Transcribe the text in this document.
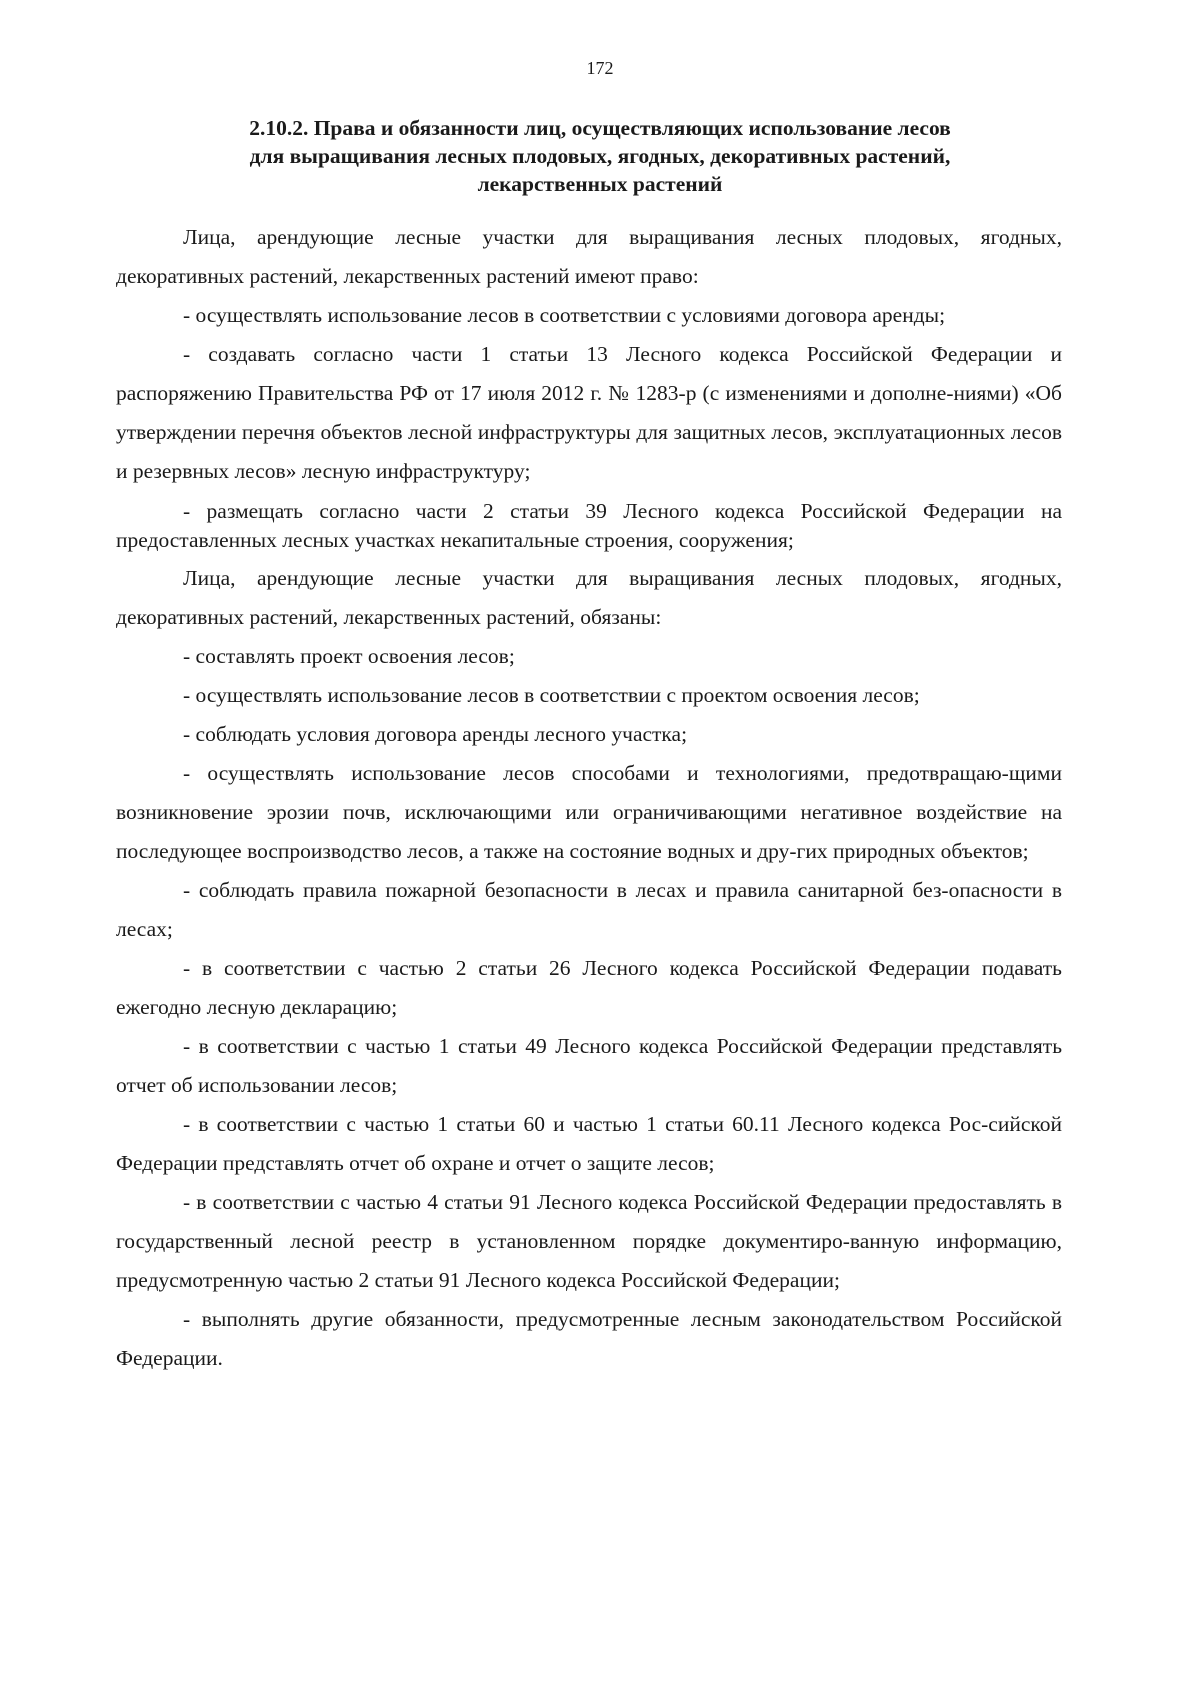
172
2.10.2. Права и обязанности лиц, осуществляющих использование лесов
для выращивания лесных плодовых, ягодных, декоративных растений,
лекарственных растений

Лица, арендующие лесные участки для выращивания лесных плодовых, ягодных, декоративных растений, лекарственных растений имеют право:

- осуществлять использование лесов в соответствии с условиями договора аренды;

- создавать согласно части 1 статьи 13 Лесного кодекса Российской Федерации и распоряжению Правительства РФ от 17 июля 2012 г. № 1283-р (с изменениями и дополне-ниями) «Об утверждении перечня объектов лесной инфраструктуры для защитных лесов, эксплуатационных лесов и резервных лесов» лесную инфраструктуру;

- размещать согласно части 2 статьи 39 Лесного кодекса Российской Федерации на предоставленных лесных участках некапитальные строения, сооружения;

Лица, арендующие лесные участки для выращивания лесных плодовых, ягодных, декоративных растений, лекарственных растений, обязаны:

- составлять проект освоения лесов;

- осуществлять использование лесов в соответствии с проектом освоения лесов;

- соблюдать условия договора аренды лесного участка;

- осуществлять использование лесов способами и технологиями, предотвращаю-щими возникновение эрозии почв, исключающими или ограничивающими негативное воздействие на последующее воспроизводство лесов, а также на состояние водных и дру-гих природных объектов;

- соблюдать правила пожарной безопасности в лесах и правила санитарной без-опасности в лесах;

- в соответствии с частью 2 статьи 26 Лесного кодекса Российской Федерации подавать ежегодно лесную декларацию;

- в соответствии с частью 1 статьи 49 Лесного кодекса Российской Федерации представлять отчет об использовании лесов;

- в соответствии с частью 1 статьи 60 и частью 1 статьи 60.11 Лесного кодекса Рос-сийской Федерации представлять отчет об охране и отчет о защите лесов;

- в соответствии с частью 4 статьи 91 Лесного кодекса Российской Федерации предоставлять в государственный лесной реестр в установленном порядке документиро-ванную информацию, предусмотренную частью 2 статьи 91 Лесного кодекса Российской Федерации;

- выполнять другие обязанности, предусмотренные лесным законодательством Российской Федерации.
